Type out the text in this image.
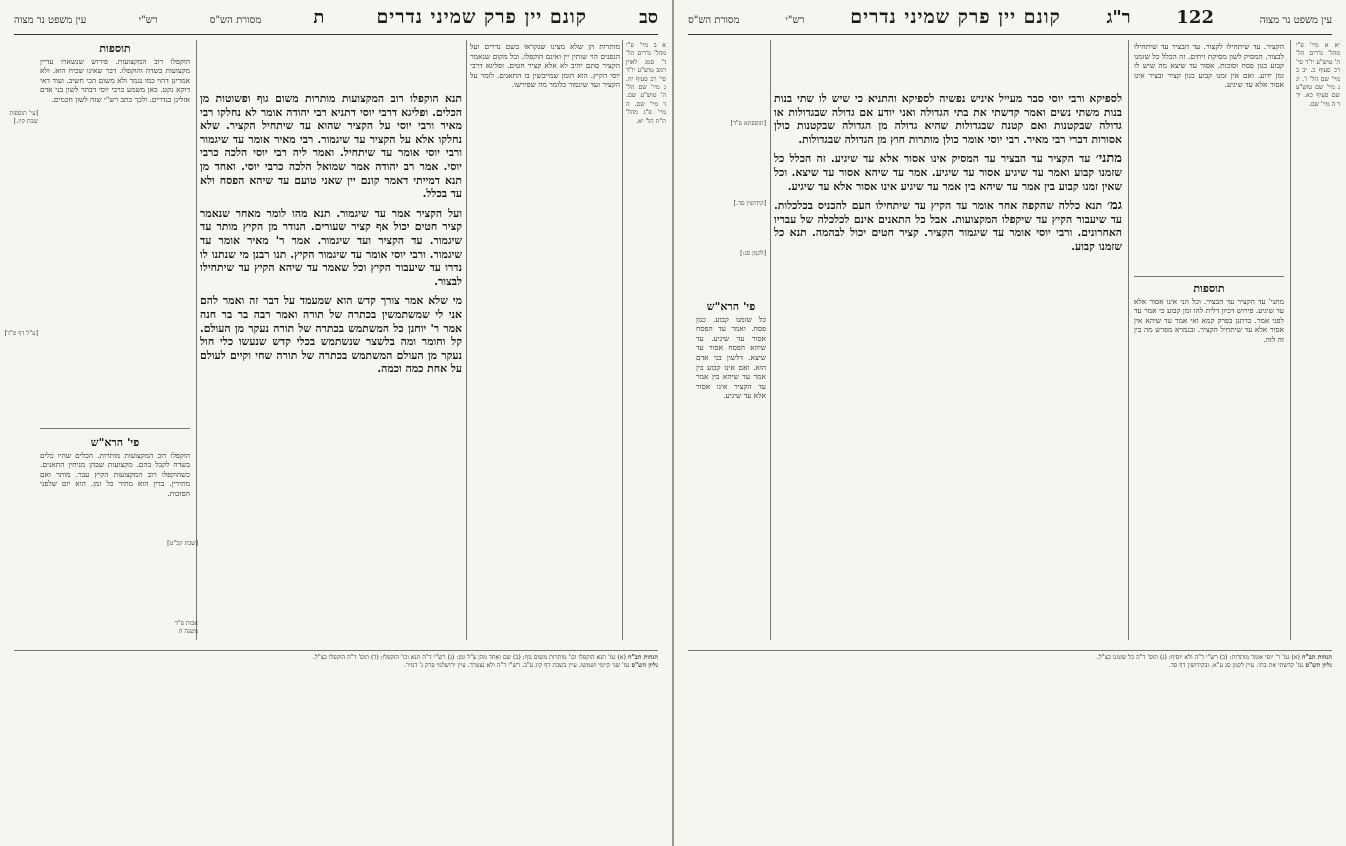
סב
קונם יין פרק שמיני נדרים
ת
מסורת הש"ס
רש"י
עין משפט נר מצוה

מותרות הן שלא מצינו שנקראו בשם נדרים ועל הגפנים הוי שותין יין ואינם הוקפלו. וכל מקום שנאמר הקציר סתם יהיב לא אלא קציר חטים. ופליגא דרבי יוסי הקיץ. הוא הזמן שמייבשין בו התאנים. לומר על הקציר ועד שיגמור כלומר מה שפירשו.

א ב מיי' פ"י מהל' נדרים הל' ד' סמג לאוין רמב טוש"ע יו"ד סי' רכ סעיף יח. ג מיי' שם הל' ה' טוש"ע שם. ד מיי' שם. ה מיי' פ"ג מהל' ת"ת הל' יא.

תנא הוקפלו רוב המקצועות מותרות משום גוף ופשוטות מן הכלים. ופליגא דרבי יוסי דתניא רבי יהודה אומר לא נחלקו רבי מאיר ורבי יוסי על הקציר שהוא עד שיתחיל הקציר. שלא נחלקו אלא על הקציר עד שיגמור. רבי מאיר אומר עד שיגמור ורבי יוסי אומר עד שיתחיל. ואמר ליה רבי יוסי הלכה כרבי יוסי. אמר רב יהודה אמר שמואל הלכה כרבי יוסי. ואחד מן תנא דמייתי דאמר קונם יין שאני טועם עד שיהא הפסח ולא עד בכלל.

ועל הקציר אמר עד שיגמור. תנא מהו לומר מאחר שנאמר קציר חטים יכול אף קציר שעורים. הנודר מן הקיץ מותר עד שיגמור. עד הקציר ועד שיגמור. אמר ר' מאיר אומר עד שיגמור. ורבי יוסי אומר עד שיגמור הקיץ. תנו רבנן מי שנתנו לו נדרו עד שיעבור הקיץ וכל שאמר עד שיהא הקיץ עד שיתחילו לבצור.

מי שלא אמר צורך קדש הוא שמעמד על דבר זה ואמר להם אני לי שמשתמשין בכתרה של תורה ואמר רבה בר בר חנה אמר ר' יוחנן כל המשתמש בכתרה של תורה נעקר מן העולם. קל וחומר ומה בלשצר שנשתמש בכלי קדש שנעשו כלי חול נעקר מן העולם המשתמש בכתרה של תורה שחי וקיים לעולם על אחת כמה וכמה.

תוספות

הוקפלו רוב המקצועות. פירוש שנשארו עדיין מקצועות בשדה והוקפלו. דבר שאינו שכיח הוא. ולא אמרינן דהוי כמו נגמר ולא משום הכי חשיב. ועוד דאי דוקא נקט. כאן משמע כרבי יוסי דבתר לשון בני אדם אזלינן בנדרים. ולכך כתב רש"י שזה לשון חכמים.

פי' הרא"ש

הוקפלו רוב המקצועות מותרות. הכלים שהיו כלים בשדה לקבל בהם. מקצועות שבהן מניחין התאנים. כשהוקפלו רוב המקצועות הקיץ עבר. מותר ואם מתירין. בדין הוא מתיר כל זמן. הוא יום שלפני הסוכות.

[עי' תוספות שבת קיז.]
[ע"ל דף ס"ד]
[שבת קכ"ט]
אבות פ"ד משנה ה
הגהות הב"ח (א) גמ' תנא הוקפלו וכו' מותרות משום גוף: (ב) שם ואחד מהן צ"ל ומן: (ג) רש"י ד"ה תנא וכו' הוקפלו: (ד) תוס' ד"ה הוקפלו כצ"ל.
גליון הש"ס גמ' שני קיימי ושמשו. עיין בשבת דף קיג ע"ב. רש"י ד"ה ולא נצטרך. עיין ירושלמי פרק ג' דנזיר.
עין משפט נר מצוה
122
ר"ג
קונם יין פרק שמיני נדרים
רש"י
מסורת הש"ס

יא א מיי' פ"י מהל' נדרים הל' ה' טוש"ע יו"ד סי' רכ סעיף כ. יב ב מיי' שם הל' ו'. יג ג מיי' שם טוש"ע שם סעיף כא. יד ד ה מיי' שם.

הקציר. עד שיתחילו לקצור. עד הבציר עד שיתחילו לבצור. המסיק לשון מסיקת זיתים. זה הכלל כל שזמנו קבוע כגון פסח וסוכות. אסור עד שיצא מה שיש לו זמן ידוע. ואם אין זמנו קבוע כגון קציר ובציר אינו אסור אלא עד שיגיע.

תוספות

מתני' עד הקציר עד הבציר. וכל הני אינו אסור אלא עד שיגיע. פירוש דכיון דלית להו זמן קבוע כי אמר עד לפני אמר. כדתנן בפרק קמא ואי אמר עד שיהא אין אסור אלא עד שיתחיל הקציר. ובגמרא מפרש מה בין זה לזה.

לספיקא ורבי יוסי סבר מעייל איניש נפשיה לספיקא והתניא כי שיש לו שתי בנות בנות משתי נשים ואמר קדשתי את בתי הגדולה ואני יודע אם גדולה שבגדולות או גדולה שבקטנות ואם קטנה שבגדולות שהיא גדולה מן הגדולה שבקטנות כולן אסורות דברי רבי מאיר. רבי יוסי אומר כולן מותרות חוץ מן הגדולה שבגדולות.

מתני׳ עד הקציר עד הבציר עד המסיק אינו אסור אלא עד שיגיע. זה הכלל כל שזמנו קבוע ואמר עד שיגיע אסור עד שיגיע. אמר עד שיהא אסור עד שיצא. וכל שאין זמנו קבוע בין אמר עד שיהא בין אמר עד שיגיע אינו אסור אלא עד שיגיע.

גמ׳ תנא כללה שהקפה אחר אומר עד הקיץ עד שיתחילו העם להכניס בכלכלות. עד שיעבור הקיץ עד שיקפלו המקצועות. אבל כל התאנים אינם לכלכלה של עבריו האחרונים. ורבי יוסי אומר עד שיגמור הקציר. קציר חטים יכול לבהמה. תנא כל שזמנו קבוע.

פי' הרא"ש

כל שזמנו קבוע. כגון פסח. ואמר עד הפסח אסור עד שיגיע. עד שיהא הפסח אסור עד שיצא. דלשון בני אדם הוא. ואם אינו קבוע בין אמר עד שיהא בין אמר עד הקציר אינו אסור אלא עד שיגיע.

[תוספתא פ"ד]
[קידושין סד.]
[לקמן סג:]
הגהות הב"ח (א) גמ' ר' יוסי אומר מותרות: (ב) רש"י ד"ה ולא יוסיף: (ג) תוס' ד"ה כל שזמנו כצ"ל.
גליון הש"ס גמ' קדשתי את בתי. עיין לקמן סג ע"א. ובקידושין דף סד.
